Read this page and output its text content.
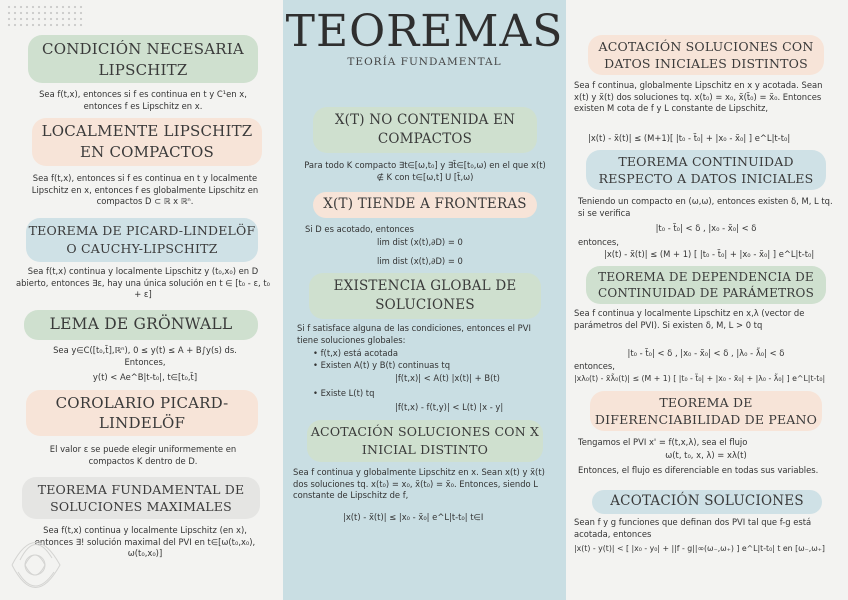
CONDICIÓN NECESARIA LIPSCHITZ
Sea f(t,x), entonces si f es continua en t y C¹en x, entonces f es Lipschitz en x.
LOCALMENTE LIPSCHITZ EN COMPACTOS
Sea f(t,x), entonces si f es continua en t y localmente Lipschitz en x, entonces f es globalmente Lipschitz en compactos D ⊂ ℝ x ℝⁿ.
TEOREMA DE PICARD-LINDELÖF O CAUCHY-LIPSCHITZ
Sea f(t,x) continua y localmente Lipschitz y (t₀,x₀) en D abierto, entonces ∃ε, hay una única solución en t ∈ [t₀ - ε, t₀ + ε]
LEMA DE GRÖNWALL
Sea y∈C([t₀,t̄],ℝⁿ), 0 ≤ y(t) ≤ A + B∫y(s) ds. Entonces,
y(t) < Ae^B|t-t₀|, t∈[t₀,t̄]
COROLARIO PICARD-LINDELÖF
El valor ε se puede elegir uniformemente en compactos K dentro de D.
TEOREMA FUNDAMENTAL DE SOLUCIONES MAXIMALES
Sea f(t,x) continua y localmente Lipschitz (en x), entonces ∃! solución maximal del PVI en t∈[ω(t₀,x₀), ω(t₀,x₀)]
TEOREMAS
TEORÍA FUNDAMENTAL
X(T) NO CONTENIDA EN COMPACTOS
Para todo K compacto ∃t∈[ω,t₀] y ∃t̄∈[t₀,ω) en el que x(t) ∉ K con t∈[ω,t] U [t̄,ω)
X(T) TIENDE A FRONTERAS
Si D es acotado, entonces
lim dist (x(t),∂D) = 0
lim dist (x(t),∂D) = 0
EXISTENCIA GLOBAL DE SOLUCIONES
Si f satisface alguna de las condiciones, entonces el PVI tiene soluciones globales:
• f(t,x) está acotada
• Existen A(t) y B(t) continuas tq
|f(t,x)| < A(t) |x(t)| + B(t)
• Existe L(t) tq
|f(t,x) - f(t,y)| < L(t) |x - y|
ACOTACIÓN SOLUCIONES CON X INICIAL DISTINTO
Sea f continua y globalmente Lipschitz en x. Sean x(t) y x̃(t) dos soluciones tq. x(t₀) = x₀, x̃(t₀) = x̃₀. Entonces, siendo L constante de Lipschitz de f,
|x(t) - x̃(t)| ≤ |x₀ - x̃₀| e^L|t-t₀| t∈I
ACOTACIÓN SOLUCIONES CON DATOS INICIALES DISTINTOS
Sea f continua, globalmente Lipschitz en x y acotada. Sean x(t) y x̃(t) dos soluciones tq. x(t₀) = x₀, x̃(t̃₀) = x̃₀. Entonces existen M cota de f y L constante de Lipschitz,
|x(t) - x̃(t)| ≤ (M+1)[ |t₀ - t̃₀| + |x₀ - x̃₀| ] e^L|t-t₀|
TEOREMA CONTINUIDAD RESPECTO A DATOS INICIALES
Teniendo un compacto en (ω,ω), entonces existen δ, M, L tq. si se verifica
|t₀ - t̃₀| < δ , |x₀ - x̃₀| < δ
entonces,
|x(t) - x̃(t)| ≤ (M + 1) [ |t₀ - t̃₀| + |x₀ - x̃₀| ] e^L|t-t₀|
TEOREMA DE DEPENDENCIA DE CONTINUIDAD DE PARÁMETROS
Sea f continua y localmente Lipschitz en x,λ (vector de parámetros del PVI). Si existen δ, M, L > 0 tq
|t₀ - t̃₀| < δ , |x₀ - x̃₀| < δ , |λ₀ - λ̃₀| < δ
entonces,
|xλ₀(t) - x̃λ̃₀(t)| ≤ (M + 1) [ |t₀ - t̃₀| + |x₀ - x̃₀| + |λ₀ - λ̃₀| ] e^L|t-t₀|
TEOREMA DE DIFERENCIABILIDAD DE PEANO
Tengamos el PVI x' = f(t,x,λ), sea el flujo
ω(t, t₀, x, λ) = xλ(t)
Entonces, el flujo es diferenciable en todas sus variables.
ACOTACIÓN SOLUCIONES
Sean f y g funciones que definan dos PVI tal que f-g está acotada, entonces
|x(t) - y(t)| < [ |x₀ - y₀| + ||f - g||∞(ω₋,ω₊) ] e^L|t-t₀| t en [ω₋,ω₊]
